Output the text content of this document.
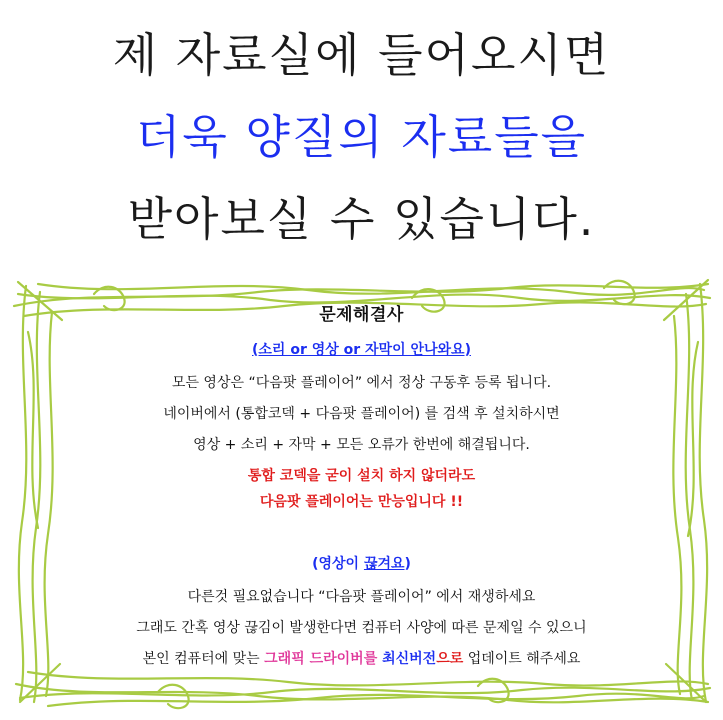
제 자료실에 들어오시면
더욱 양질의 자료들을
받아보실 수 있습니다.
문제해결사
(소리 or 영상 or 자막이 안나와요)

모든 영상은 “다음팟 플레이어” 에서 정상 구동후 등록 됩니다.

네이버에서 (통합코덱 + 다음팟 플레이어) 를 검색 후 설치하시면

영상 + 소리 + 자막 + 모든 오류가 한번에 해결됩니다.

통합 코덱을 굳이 설치 하지 않더라도

다음팟 플레이어는 만능입니다 !!

(영상이 끊겨요)

다른것 필요없습니다 “다음팟 플레이어” 에서 재생하세요

그래도 간혹 영상 끊김이 발생한다면 컴퓨터 사양에 따른 문제일 수 있으니

본인 컴퓨터에 맞는 그래픽 드라이버를 최신버전으로 업데이트 해주세요
